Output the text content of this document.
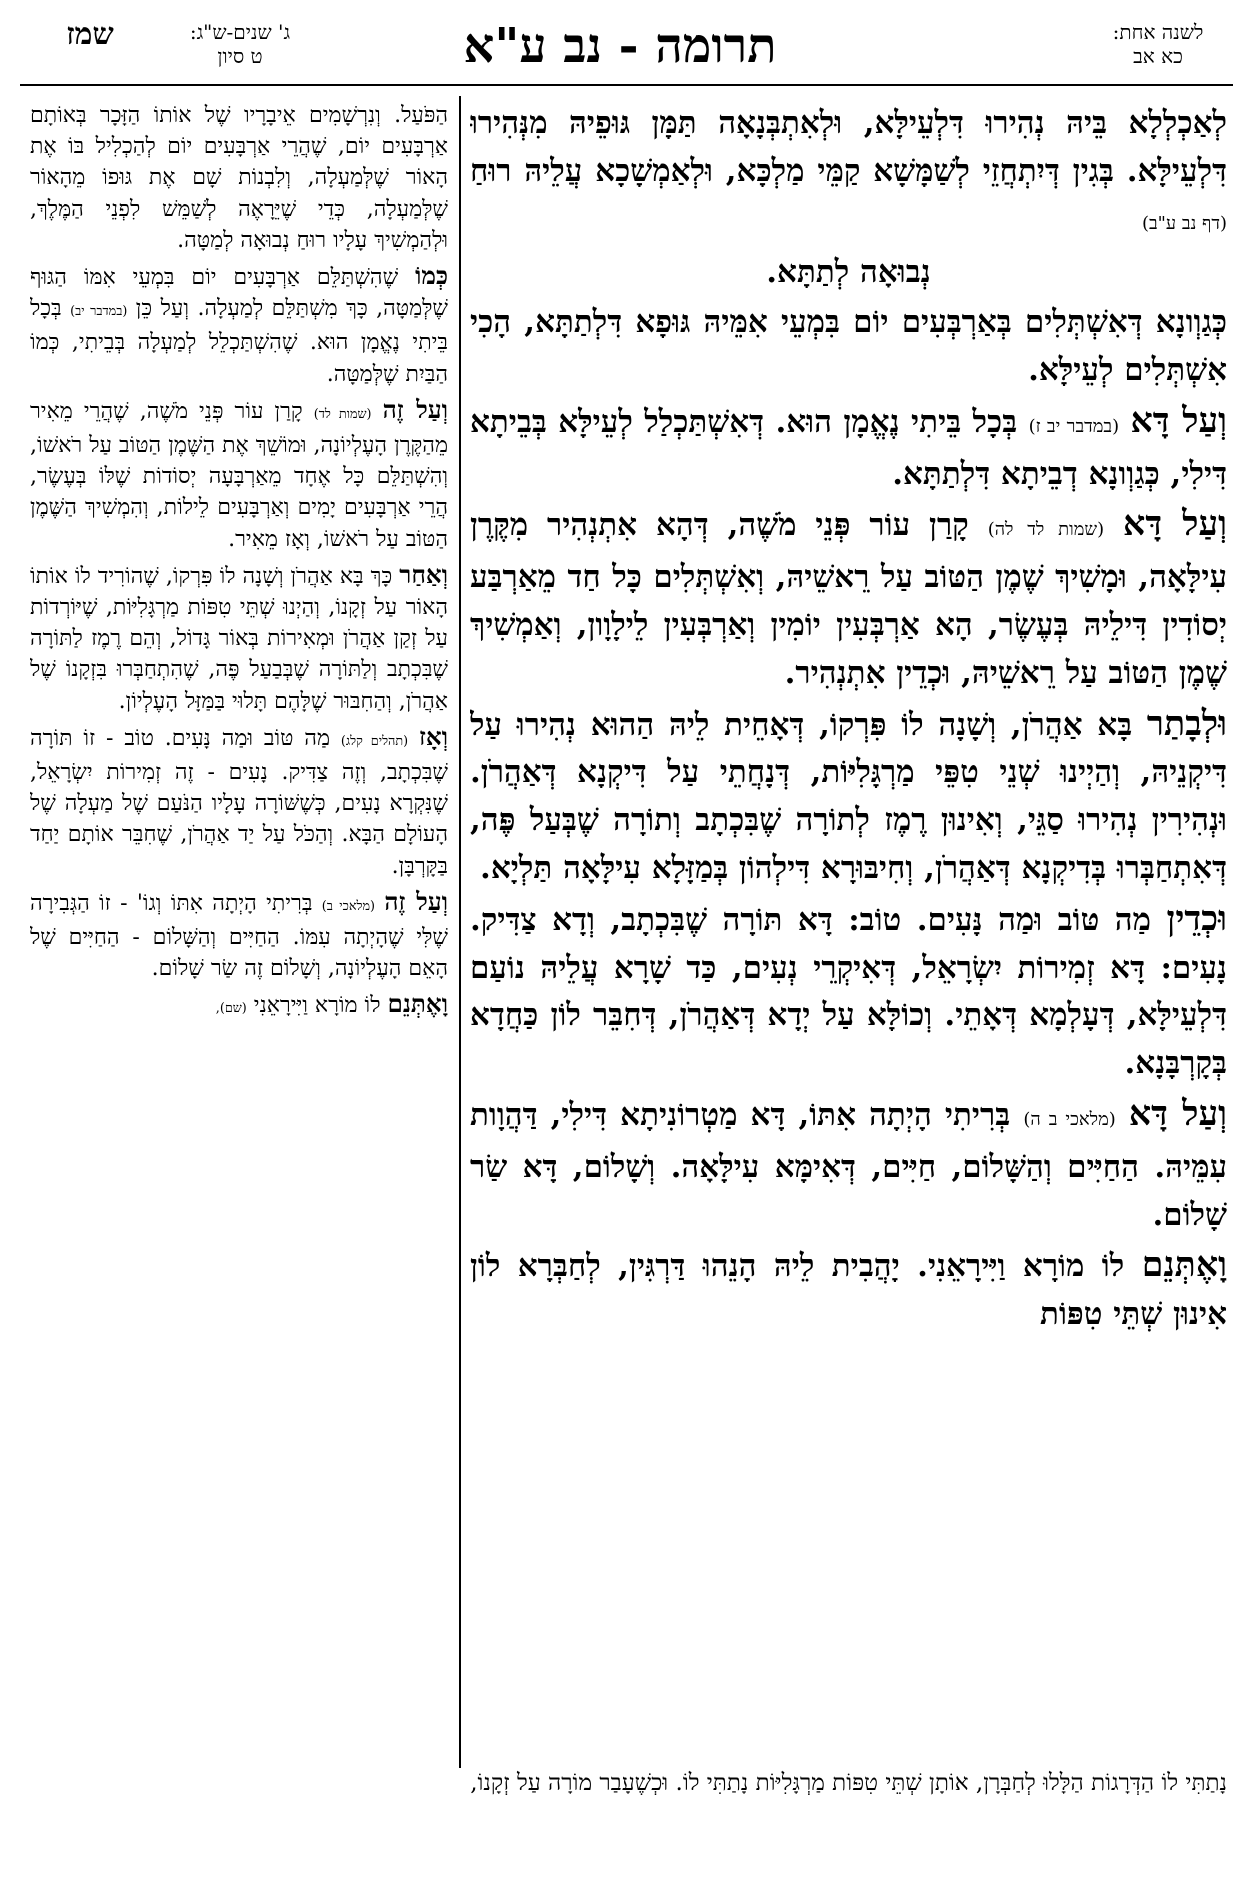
לשנה אחת:
כא אב
תרומה - נב ע"א
ג' שנים-ש"ג:
ט סיון
שמז

לְאַכְלְלָא בֵּיהּ נְהִירוּ דִּלְעֵילָּא, וּלְאִתְבְּנָאָה תַּמָּן גּוּפֵיהּ מִנְּהִירוּ דִּלְעֵילָּא. בְּגִין דְּיִתְחֲזֵי לְשַׁמָּשָׁא קַמֵּי מַלְכָּא, וּלְאַמְשָׁכָא עֲלֵיהּ רוּחַ (דף נב ע"ב)

נְבוּאָה לְתַתָּא.

כְּגַוְונָא דְּאִשְׁתְּלִים בְּאַרְבְּעִים יוֹם בִּמְעֵי אִמֵּיהּ גּוּפָא דִּלְתַתָּא, הָכִי אִשְׁתְּלִים לְעֵילָּא.

וְעַל דָּא (במדבר יב ז) בְּכָל בֵּיתִי נֶאֱמָן הוּא. דְּאִשְׁתַּכְלַל לְעֵילָּא בְּבֵיתָא דִּילִי, כְּגַוְונָא דְבֵיתָא דִּלְתַתָּא.

וְעַל דָּא (שמות לד לה) קָרַן עוֹר פְּנֵי מֹשֶׁה, דְּהָא אִתְנְהִיר מִקֶּרֶן עִילָּאָה, וּמָשִׁיךְ שֶׁמֶן הַטּוֹב עַל רֵאשֵׁיהּ, וְאִשְׁתְּלִים כָּל חַד מֵאַרְבַּע יְסוֹדִין דִּילֵיהּ בְּעֶשֶׂר, הָא אַרְבְּעִין יוֹמִין וְאַרְבְּעִין לֵילָוָון, וְאַמְשִׁיךְ שֶׁמֶן הַטּוֹב עַל רֵאשֵׁיהּ, וּכְדֵין אִתְנְהִיר.

וּלְבָתַר בָּא אַהֲרֹן, וְשָׁנָה לוֹ פִּרְקוֹ, דְּאָחֵית לֵיהּ הַהוּא נְהִירוּ עַל דִּיקְנֵיהּ, וְהַיְינוּ שְׁנֵי טִפֵּי מַרְגָּלִיּוֹת, דְּנָחֲתֵי עַל דִּיקְנָא דְּאַהֲרֹן. וּנְהִירִין נְהִירוּ סַגֵּי, וְאִינוּן רֶמֶז לְתוֹרָה שֶׁבִּכְתָב וְתוֹרָה שֶׁבְּעַל פֶּה, דְּאִתְחַבְּרוּ בְּדִיקְנָא דְּאַהֲרֹן, וְחִיבּוּרָא דִּילְהוֹן בְּמַזָּלָא עִילָּאָה תַּלְיָא.

וּכְדֵין מַה טּוֹב וּמַה נָּעִים. טוֹב: דָּא תּוֹרָה שֶׁבִּכְתָב, וְדָא צַדִּיק. נָעִים: דָּא זְמִירוֹת יִשְׂרָאֵל, דְּאִיקְרֵי נְעִים, כַּד שָׁרָא עֲלֵיהּ נוֹעַם דִּלְעֵילָּא, דְּעָלְמָא דְּאָתֵי. וְכוֹלָּא עַל יְדָא דְּאַהֲרֹן, דְּחִבֵּר לוֹן כַּחֲדָא בְּקָרְבָּנָא.

וְעַל דָּא (מלאכי ב ה) בְּרִיתִי הָיְתָה אִתּוֹ, דָּא מַטְרוֹנִיתָא דִּילִי, דַּהֲוָות עִמֵּיהּ. הַחַיִּים וְהַשָּׁלוֹם, חַיִּים, דְּאִימָּא עִילָּאָה. וְשָׁלוֹם, דָּא שַׂר שָׁלוֹם.

וָאֶתְּנֵם לוֹ מוֹרָא וַיִּירָאֵנִי. יָהֲבִית לֵיהּ הָנֵהוּ דַּרְגִּין, לְחַבְּרָא לוֹן אִינוּן שְׁתֵּי טִפּוֹת

הַפֹּעַל. וְנִרְשָׁמִים אֵיבָרָיו שֶׁל אוֹתוֹ הַזָּכָר בְּאוֹתָם אַרְבָּעִים יוֹם, שֶׁהֲרֵי אַרְבָּעִים יוֹם לְהַכְלִיל בּוֹ אֶת הָאוֹר שֶׁלְּמַעְלָה, וְלִבְנוֹת שָׁם אֶת גּוּפוֹ מֵהָאוֹר שֶׁלְּמַעְלָה, כְּדֵי שֶׁיֵּרָאֶה לְשַׁמֵּשׁ לִפְנֵי הַמֶּלֶךְ, וּלְהַמְשִׁיךְ עָלָיו רוּחַ נְבוּאָה לְמַטָּה.

כְּמוֹ שֶׁהִשְׁתַּלֵּם אַרְבָּעִים יוֹם בִּמְעֵי אִמּוֹ הַגּוּף שֶׁלְּמַטָּה, כָּךְ מִשְׁתַּלֵּם לְמַעְלָה. וְעַל כֵּן (במדבר יב) בְּכָל בֵּיתִי נֶאֱמָן הוּא. שֶׁהִשְׁתַּכְלֵל לְמַעְלָה בְּבֵיתִי, כְּמוֹ הַבַּיִת שֶׁלְּמַטָּה.

וְעַל זֶה (שמות לד) קָרַן עוֹר פְּנֵי מֹשֶׁה, שֶׁהֲרֵי מֵאִיר מֵהַקֶּרֶן הָעֶלְיוֹנָה, וּמוֹשֵׁךְ אֶת הַשֶּׁמֶן הַטּוֹב עַל רֹאשׁוֹ, וְהִשְׁתַּלֵּם כָּל אֶחָד מֵאַרְבָּעָה יְסוֹדוֹת שֶׁלּוֹ בְּעֶשֶׂר, הֲרֵי אַרְבָּעִים יָמִים וְאַרְבָּעִים לֵילוֹת, וְהִמְשִׁיךְ הַשֶּׁמֶן הַטּוֹב עַל רֹאשׁוֹ, וְאָז מֵאִיר.

וְאַחַר כָּךְ בָּא אַהֲרֹן וְשָׁנָה לוֹ פִּרְקוֹ, שֶׁהוֹרִיד לוֹ אוֹתוֹ הָאוֹר עַל זְקָנוֹ, וְהַיְנוּ שְׁתֵּי טִפּוֹת מַרְגָּלִיּוֹת, שֶׁיּוֹרְדוֹת עַל זְקַן אַהֲרֹן וּמְאִירוֹת בְּאוֹר גָּדוֹל, וְהֵם רֶמֶז לַתּוֹרָה שֶׁבִּכְתָב וְלַתּוֹרָה שֶׁבְּבַעַל פֶּה, שֶׁהִתְחַבְּרוּ בִּזְקָנוֹ שֶׁל אַהֲרֹן, וְהַחִבּוּר שֶׁלָּהֶם תָּלוּי בַּמַּזָּל הָעֶלְיוֹן.

וְאָז (תהלים קלג) מַה טּוֹב וּמַה נָּעִים. טוֹב - זוֹ תּוֹרָה שֶׁבִּכְתָב, וְזֶה צַדִּיק. נָעִים - זֶה זְמִירוֹת יִשְׂרָאֵל, שֶׁנִּקְרָא נָעִים, כְּשֶׁשּׁוֹרָה עָלָיו הַנֹּעַם שֶׁל מַעְלָה שֶׁל הָעוֹלָם הַבָּא. וְהַכֹּל עַל יַד אַהֲרֹן, שֶׁחִבֵּר אוֹתָם יַחַד בַּקָּרְבָּן.

וְעַל זֶה (מלאכי ב) בְּרִיתִי הָיְתָה אִתּוֹ וְגוֹ' - זוֹ הַגְּבִירָה שֶׁלִּי שֶׁהָיְתָה עִמּוֹ. הַחַיִּים וְהַשָּׁלוֹם - הַחַיִּים שֶׁל הָאֵם הָעֶלְיוֹנָה, וְשָׁלוֹם זֶה שַׂר שָׁלוֹם.

וָאֶתְּנֵם לוֹ מוֹרָא וַיִּירָאֵנִי (שם),

נָתַתִּי לוֹ הַדְּרָגוֹת הַלָּלוּ לְחַבְּרָן, אוֹתָן שְׁתֵּי טִפּוֹת מַרְגָּלִיּוֹת נָתַתִּי לוֹ. וּכְשֶׁעָבַר מוֹרָה עַל זְקָנוֹ,
